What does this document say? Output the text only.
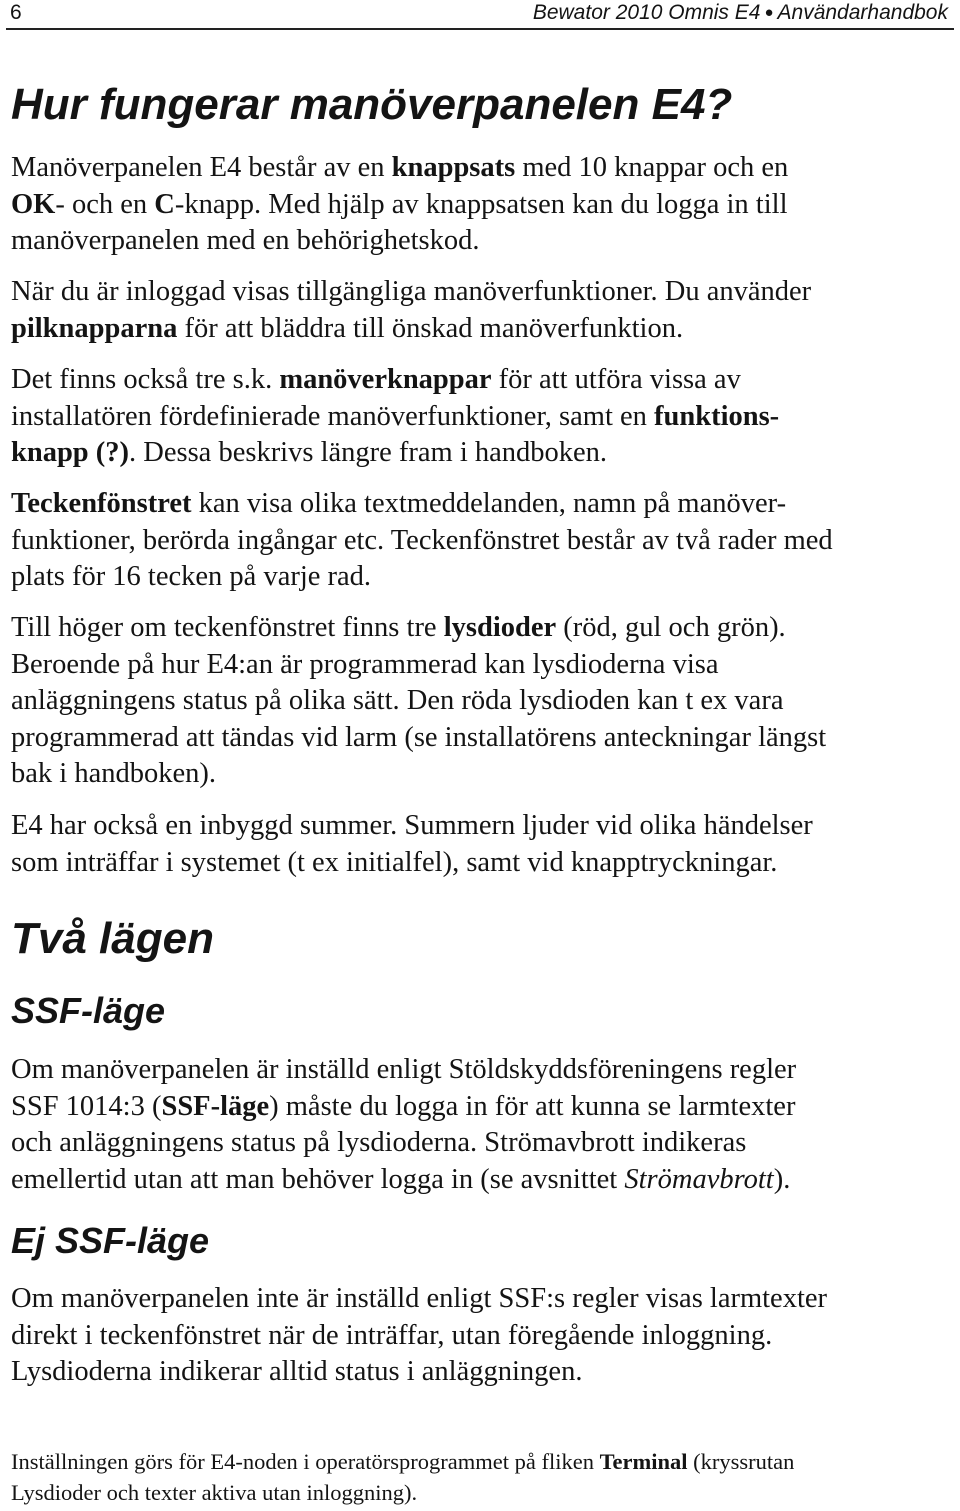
6	Bewator 2010 Omnis E4 ● Användarhandbok
Hur fungerar manöverpanelen E4?

Manöverpanelen E4 består av en knappsats med 10 knappar och en
OK- och en C-knapp. Med hjälp av knappsatsen kan du logga in till
manöverpanelen med en behörighetskod.

När du är inloggad visas tillgängliga manöverfunktioner. Du använder
pilknapparna för att bläddra till önskad manöverfunktion.

Det finns också tre s.k. manöverknappar för att utföra vissa av
installatören fördefinierade manöverfunktioner, samt en funktions-
knapp (?). Dessa beskrivs längre fram i handboken.

Teckenfönstret kan visa olika textmeddelanden, namn på manöver-
funktioner, berörda ingångar etc. Teckenfönstret består av två rader med
plats för 16 tecken på varje rad.

Till höger om teckenfönstret finns tre lysdioder (röd, gul och grön).
Beroende på hur E4:an är programmerad kan lysdioderna visa
anläggningens status på olika sätt. Den röda lysdioden kan t ex vara
programmerad att tändas vid larm (se installatörens anteckningar längst
bak i handboken).

E4 har också en inbyggd summer. Summern ljuder vid olika händelser
som inträffar i systemet (t ex initialfel), samt vid knapptryckningar.

Två lägen
SSF-läge

Om manöverpanelen är inställd enligt Stöldskyddsföreningens regler
SSF 1014:3 (SSF-läge) måste du logga in för att kunna se larmtexter
och anläggningens status på lysdioderna. Strömavbrott indikeras
emellertid utan att man behöver logga in (se avsnittet Strömavbrott).

Ej SSF-läge

Om manöverpanelen inte är inställd enligt SSF:s regler visas larmtexter
direkt i teckenfönstret när de inträffar, utan föregående inloggning.
Lysdioderna indikerar alltid status i anläggningen.

Inställningen görs för E4-noden i operatörsprogrammet på fliken Terminal (kryssrutan
Lysdioder och texter aktiva utan inloggning).
